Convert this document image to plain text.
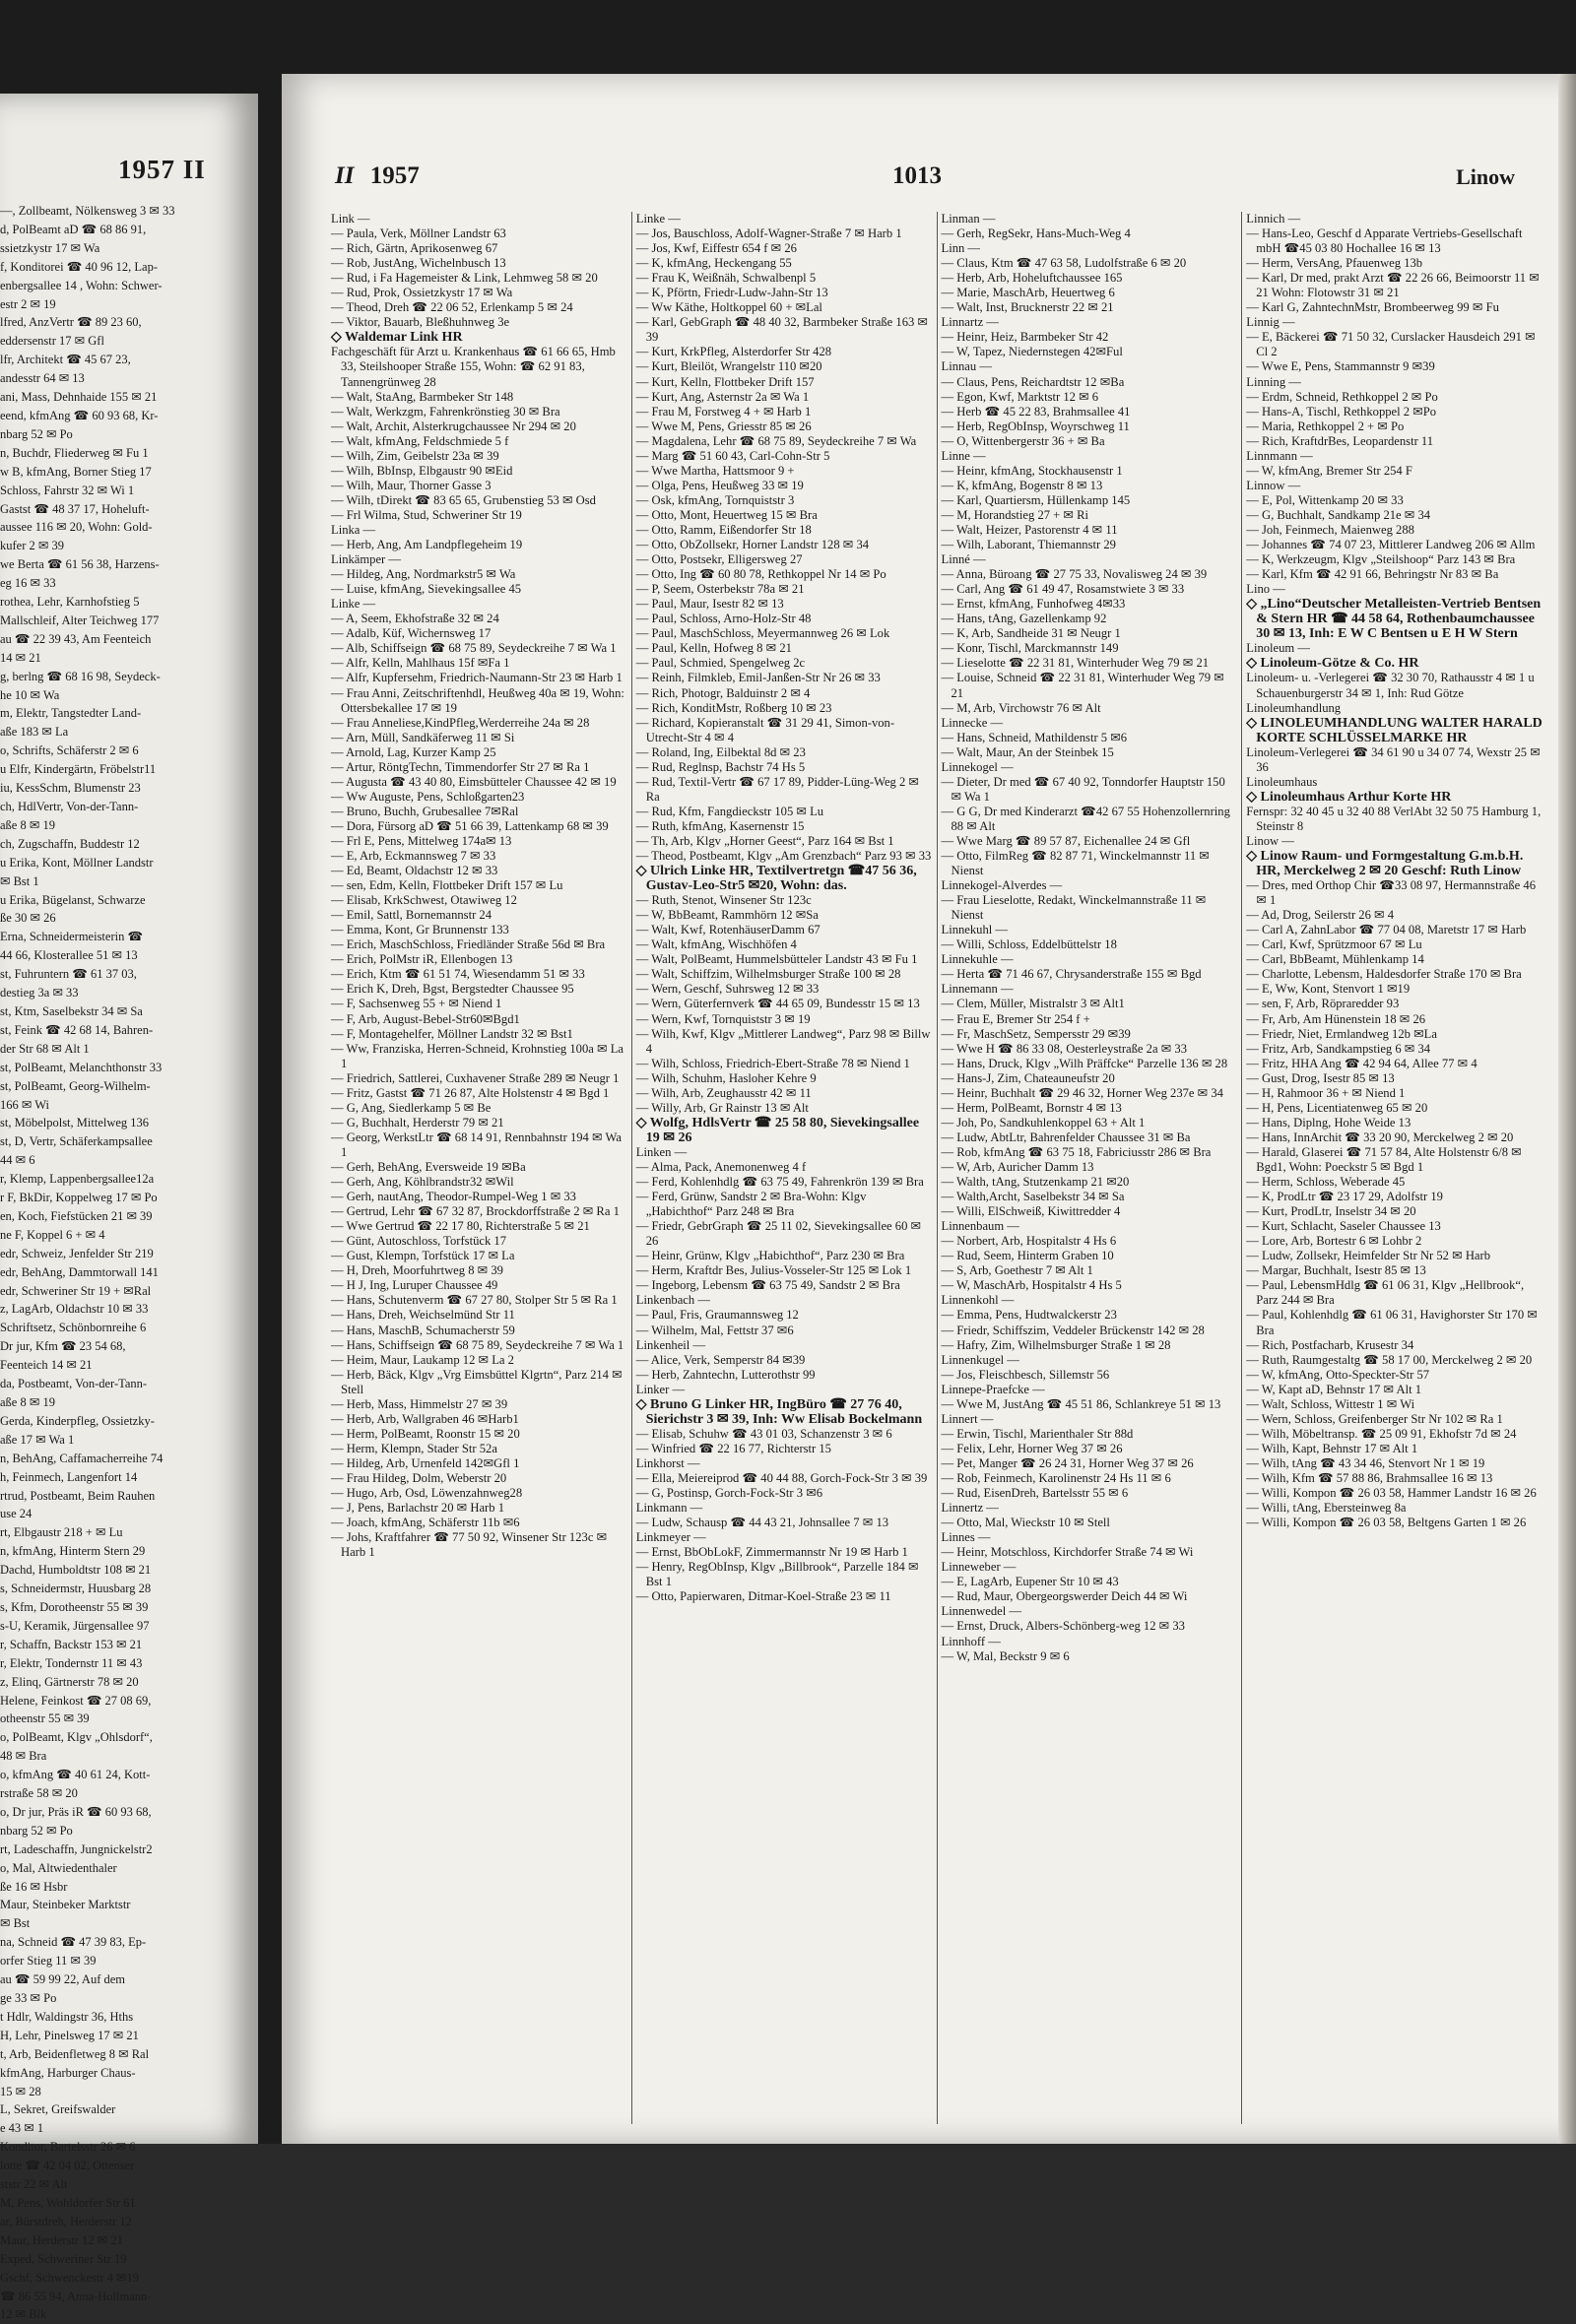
1957 II
—, Zollbeamt, Nölkensweg 3 ✉ 33
d, PolBeamt aD ☎ 68 86 91,
ssietzkystr 17 ✉ Wa
f, Konditorei ☎ 40 96 12, Lap-
enbergsallee 14 , Wohn: Schwer-
estr 2 ✉ 19
lfred, AnzVertr ☎ 89 23 60,
eddersenstr 17 ✉ Gfl
lfr, Architekt ☎ 45 67 23,
andesstr 64 ✉ 13
ani, Mass, Dehnhaide 155 ✉ 21
eend, kfmAng ☎ 60 93 68, Kr-
nbarg 52 ✉ Po
n, Buchdr, Fliederweg ✉ Fu 1
w B, kfmAng, Borner Stieg 17
Schloss, Fahrstr 32 ✉ Wi 1
Gastst ☎ 48 37 17, Hoheluft-
aussee 116 ✉ 20, Wohn: Gold-
kufer 2 ✉ 39
we Berta ☎ 61 56 38, Harzens-
eg 16 ✉ 33
rothea, Lehr, Karnhofstieg 5
Mallschleif, Alter Teichweg 177
au ☎ 22 39 43, Am Feenteich
14 ✉ 21
g, berlng ☎ 68 16 98, Seydeck-
he 10 ✉ Wa
m, Elektr, Tangstedter Land-
aße 183 ✉ La
o, Schrifts, Schäferstr 2 ✉ 6
u Elfr, Kindergärtn, Fröbelstr11
iu, KessSchm, Blumenstr 23
ch, HdlVertr, Von-der-Tann-
aße 8 ✉ 19
ch, Zugschaffn, Buddestr 12
u Erika, Kont, Möllner Landstr
✉ Bst 1
u Erika, Bügelanst, Schwarze
ße 30 ✉ 26
Erna, Schneidermeisterin ☎
44 66, Klosterallee 51 ✉ 13
st, Fuhruntern ☎ 61 37 03,
destieg 3a ✉ 33
st, Ktm, Saselbekstr 34 ✉ Sa
st, Feink ☎ 42 68 14, Bahren-
der Str 68 ✉ Alt 1
st, PolBeamt, Melanchthonstr 33
st, PolBeamt, Georg-Wilhelm-
166 ✉ Wi
st, Möbelpolst, Mittelweg 136
st, D, Vertr, Schäferkampsallee
44 ✉ 6
r, Klemp, Lappenbergsallee12a
r F, BkDir, Koppelweg 17 ✉ Po
en, Koch, Fiefstücken 21 ✉ 39
ne F, Koppel 6 + ✉ 4
edr, Schweiz, Jenfelder Str 219
edr, BehAng, Dammtorwall 141
edr, Schweriner Str 19 + ✉Ral
z, LagArb, Oldachstr 10 ✉ 33
Schriftsetz, Schönbornreihe 6
Dr jur, Kfm ☎ 23 54 68,
Feenteich 14 ✉ 21
da, Postbeamt, Von-der-Tann-
aße 8 ✉ 19
Gerda, Kinderpfleg, Ossietzky-
aße 17 ✉ Wa 1
n, BehAng, Caffamacherreihe 74
h, Feinmech, Langenfort 14
rtrud, Postbeamt, Beim Rauhen
use 24
rt, Elbgaustr 218 + ✉ Lu
n, kfmAng, Hinterm Stern 29
Dachd, Humboldtstr 108 ✉ 21
s, Schneidermstr, Huusbarg 28
s, Kfm, Dorotheenstr 55 ✉ 39
s-U, Keramik, Jürgensallee 97
r, Schaffn, Backstr 153 ✉ 21
r, Elektr, Tondernstr 11 ✉ 43
z, Elinq, Gärtnerstr 78 ✉ 20
Helene, Feinkost ☎ 27 08 69,
otheenstr 55 ✉ 39
o, PolBeamt, Klgv „Ohlsdorf“,
48 ✉ Bra
o, kfmAng ☎ 40 61 24, Kott-
rstraße 58 ✉ 20
o, Dr jur, Präs iR ☎ 60 93 68,
nbarg 52 ✉ Po
rt, Ladeschaffn, Jungnickelstr2
o, Mal, Altwiedenthaler
ße 16 ✉ Hsbr
Maur, Steinbeker Marktstr
✉ Bst
na, Schneid ☎ 47 39 83, Ep-
orfer Stieg 11 ✉ 39
au ☎ 59 99 22, Auf dem
ge 33 ✉ Po
t Hdlr, Waldingstr 36, Hths
H, Lehr, Pinelsweg 17 ✉ 21
t, Arb, Beidenfletweg 8 ✉ Ral
kfmAng, Harburger Chaus-
15 ✉ 28
L, Sekret, Greifswalder
e 43 ✉ 1
Konditor, Bartelsstr 26 ✉ 6
lotte ☎ 42 04 02, Ottenser
ststr 22 ✉ Alt
M, Pens, Wohldorfer Str 61
ar, Bürstdreh, Herderstr 12
Maur, Herderstr 12 ✉ 21
Exped, Schweriner Str 19
Gschf, Schwenckestr 4 ✉19
☎ 86 55 94, Anna-Hollmann-
12 ✉ Blk
II 1957	1013	Linow
Link —
— Paula, Verk, Möllner Landstr 63
— Rich, Gärtn, Aprikosenweg 67
— Rob, JustAng, Wichelnbusch 13
— Rud, i Fa Hagemeister & Link, Lehmweg 58 ✉ 20
— Rud, Prok, Ossietzkystr 17 ✉ Wa
— Theod, Dreh ☎ 22 06 52, Erlenkamp 5 ✉ 24
— Viktor, Bauarb, Bleßhuhnweg 3e
◇ Waldemar Link HR
Fachgeschäft für Arzt u. Krankenhaus ☎ 61 66 65, Hmb 33, Steilshooper Straße 155, Wohn: ☎ 62 91 83, Tannengrünweg 28
— Walt, StaAng, Barmbeker Str 148
— Walt, Werkzgm, Fahrenkrönstieg 30 ✉ Bra
— Walt, Archit, Alsterkrugchaussee Nr 294 ✉ 20
— Walt, kfmAng, Feldschmiede 5 f
— Wilh, Zim, Geibelstr 23a ✉ 39
— Wilh, BbInsp, Elbgaustr 90 ✉Eid
— Wilh, Maur, Thorner Gasse 3
— Wilh, tDirekt ☎ 83 65 65, Grubenstieg 53 ✉ Osd
— Frl Wilma, Stud, Schweriner Str 19
Linka —
— Herb, Ang, Am Landpflegeheim 19
Linkämper —
— Hildeg, Ang, Nordmarkstr5 ✉ Wa
— Luise, kfmAng, Sievekingsallee 45
Linke —
— A, Seem, Ekhofstraße 32 ✉ 24
— Adalb, Küf, Wichernsweg 17
— Alb, Schiffseign ☎ 68 75 89, Seydeckreihe 7 ✉ Wa 1
— Alfr, Kelln, Mahlhaus 15f ✉Fa 1
— Alfr, Kupfersehm, Friedrich-Naumann-Str 23 ✉ Harb 1
— Frau Anni, Zeitschriftenhdl, Heußweg 40a ✉ 19, Wohn: Ottersbekallee 17 ✉ 19
— Frau Anneliese,KindPfleg,Werderreihe 24a ✉ 28
— Arn, Müll, Sandkäferweg 11 ✉ Si
— Arnold, Lag, Kurzer Kamp 25
— Artur, RöntgTechn, Timmendorfer Str 27 ✉ Ra 1
— Augusta ☎ 43 40 80, Eimsbütteler Chaussee 42 ✉ 19
— Ww Auguste, Pens, Schloßgarten23
— Bruno, Buchh, Grubesallee 7✉Ral
— Dora, Fürsorg aD ☎ 51 66 39, Lattenkamp 68 ✉ 39
— Frl E, Pens, Mittelweg 174a✉ 13
— E, Arb, Eckmannsweg 7 ✉ 33
— Ed, Beamt, Oldachstr 12 ✉ 33
— sen, Edm, Kelln, Flottbeker Drift 157 ✉ Lu
— Elisab, KrkSchwest, Otawiweg 12
— Emil, Sattl, Bornemannstr 24
— Emma, Kont, Gr Brunnenstr 133
— Erich, MaschSchloss, Friedländer Straße 56d ✉ Bra
— Erich, PolMstr iR, Ellenbogen 13
— Erich, Ktm ☎ 61 51 74, Wiesendamm 51 ✉ 33
— Erich K, Dreh, Bgst, Bergstedter Chaussee 95
— F, Sachsenweg 55 + ✉ Niend 1
— F, Arb, August-Bebel-Str60✉Bgd1
— F, Montagehelfer, Möllner Landstr 32 ✉ Bst1
— Ww, Franziska, Herren-Schneid, Krohnstieg 100a ✉ La 1
— Friedrich, Sattlerei, Cuxhavener Straße 289 ✉ Neugr 1
— Fritz, Gastst ☎ 71 26 87, Alte Holstenstr 4 ✉ Bgd 1
— G, Ang, Siedlerkamp 5 ✉ Be
— G, Buchhalt, Herderstr 79 ✉ 21
— Georg, WerkstLtr ☎ 68 14 91, Rennbahnstr 194 ✉ Wa 1
— Gerh, BehAng, Eversweide 19 ✉Ba
— Gerh, Ang, Köhlbrandstr32 ✉Wil
— Gerh, nautAng, Theodor-Rumpel-Weg 1 ✉ 33
— Gertrud, Lehr ☎ 67 32 87, Brockdorffstraße 2 ✉ Ra 1
— Wwe Gertrud ☎ 22 17 80, Richterstraße 5 ✉ 21
— Günt, Autoschloss, Torfstück 17
— Gust, Klempn, Torfstück 17 ✉ La
— H, Dreh, Moorfuhrtweg 8 ✉ 39
— H J, Ing, Luruper Chaussee 49
— Hans, Schutenverm ☎ 67 27 80, Stolper Str 5 ✉ Ra 1
— Hans, Dreh, Weichselmünd Str 11
— Hans, MaschB, Schumacherstr 59
— Hans, Schiffseign ☎ 68 75 89, Seydeckreihe 7 ✉ Wa 1
— Heim, Maur, Laukamp 12 ✉ La 2
— Herb, Bäck, Klgv „Vrg Eimsbüttel Klgrtn“, Parz 214 ✉ Stell
— Herb, Mass, Himmelstr 27 ✉ 39
— Herb, Arb, Wallgraben 46 ✉Harb1
— Herm, PolBeamt, Roonstr 15 ✉ 20
— Herm, Klempn, Stader Str 52a
— Hildeg, Arb, Urnenfeld 142✉Gfl 1
— Frau Hildeg, Dolm, Weberstr 20
— Hugo, Arb, Osd, Löwenzahnweg28
— J, Pens, Barlachstr 20 ✉ Harb 1
— Joach, kfmAng, Schäferstr 11b ✉6
— Johs, Kraftfahrer ☎ 77 50 92, Winsener Str 123c ✉ Harb 1
Linke —
— Jos, Bauschloss, Adolf-Wagner-Straße 7 ✉ Harb 1
— Jos, Kwf, Eiffestr 654 f ✉ 26
— K, kfmAng, Heckengang 55
— Frau K, Weißnäh, Schwalbenpl 5
— K, Pförtn, Friedr-Ludw-Jahn-Str 13
— Ww Käthe, Holtkoppel 60 + ✉Lal
— Karl, GebGraph ☎ 48 40 32, Barmbeker Straße 163 ✉ 39
— Kurt, KrkPfleg, Alsterdorfer Str 428
— Kurt, Bleilöt, Wrangelstr 110 ✉20
— Kurt, Kelln, Flottbeker Drift 157
— Kurt, Ang, Asternstr 2a ✉ Wa 1
— Frau M, Forstweg 4 + ✉ Harb 1
— Wwe M, Pens, Griesstr 85 ✉ 26
— Magdalena, Lehr ☎ 68 75 89, Seydeckreihe 7 ✉ Wa
— Marg ☎ 51 60 43, Carl-Cohn-Str 5
— Wwe Martha, Hattsmoor 9 +
— Olga, Pens, Heußweg 33 ✉ 19
— Osk, kfmAng, Tornquiststr 3
— Otto, Mont, Heuertweg 15 ✉ Bra
— Otto, Ramm, Eißendorfer Str 18
— Otto, ObZollsekr, Horner Landstr 128 ✉ 34
— Otto, Postsekr, Elligersweg 27
— Otto, Ing ☎ 60 80 78, Rethkoppel Nr 14 ✉ Po
— P, Seem, Osterbekstr 78a ✉ 21
— Paul, Maur, Isestr 82 ✉ 13
— Paul, Schloss, Arno-Holz-Str 48
— Paul, MaschSchloss, Meyermannweg 26 ✉ Lok
— Paul, Kelln, Hofweg 8 ✉ 21
— Paul, Schmied, Spengelweg 2c
— Reinh, Filmkleb, Emil-Janßen-Str Nr 26 ✉ 33
— Rich, Photogr, Balduinstr 2 ✉ 4
— Rich, KonditMstr, Roßberg 10 ✉ 23
— Richard, Kopieranstalt ☎ 31 29 41, Simon-von-Utrecht-Str 4 ✉ 4
— Roland, Ing, Eilbektal 8d ✉ 23
— Rud, Reglnsp, Bachstr 74 Hs 5
— Rud, Textil-Vertr ☎ 67 17 89, Pidder-Lüng-Weg 2 ✉ Ra
— Rud, Kfm, Fangdieckstr 105 ✉ Lu
— Ruth, kfmAng, Kasernenstr 15
— Th, Arb, Klgv „Horner Geest“, Parz 164 ✉ Bst 1
— Theod, Postbeamt, Klgv „Am Grenzbach“ Parz 93 ✉ 33
◇ Ulrich Linke HR, Textilvertretgn ☎47 56 36, Gustav-Leo-Str5 ✉20, Wohn: das.
— Ruth, Stenot, Winsener Str 123c
— W, BbBeamt, Rammhörn 12 ✉Sa
— Walt, Kwf, RotenhäuserDamm 67
— Walt, kfmAng, Wischhöfen 4
— Walt, PolBeamt, Hummelsbütteler Landstr 43 ✉ Fu 1
— Walt, Schiffzim, Wilhelmsburger Straße 100 ✉ 28
— Wern, Geschf, Suhrsweg 12 ✉ 33
— Wern, Güterfernverk ☎ 44 65 09, Bundesstr 15 ✉ 13
— Wern, Kwf, Tornquiststr 3 ✉ 19
— Wilh, Kwf, Klgv „Mittlerer Landweg“, Parz 98 ✉ Billw 4
— Wilh, Schloss, Friedrich-Ebert-Straße 78 ✉ Niend 1
— Wilh, Schuhm, Hasloher Kehre 9
— Wilh, Arb, Zeughausstr 42 ✉ 11
— Willy, Arb, Gr Rainstr 13 ✉ Alt
◇ Wolfg, HdlsVertr ☎ 25 58 80, Sievekingsallee 19 ✉ 26
Linken —
— Alma, Pack, Anemonenweg 4 f
— Ferd, Kohlenhdlg ☎ 63 75 49, Fahrenkrön 139 ✉ Bra
— Ferd, Grünw, Sandstr 2 ✉ Bra-Wohn: Klgv „Habichthof“ Parz 248 ✉ Bra
— Friedr, GebrGraph ☎ 25 11 02, Sievekingsallee 60 ✉ 26
— Heinr, Grünw, Klgv „Habichthof“, Parz 230 ✉ Bra
— Herm, Kraftdr Bes, Julius-Vosseler-Str 125 ✉ Lok 1
— Ingeborg, Lebensm ☎ 63 75 49, Sandstr 2 ✉ Bra
Linkenbach —
— Paul, Fris, Graumannsweg 12
— Wilhelm, Mal, Fettstr 37 ✉6
Linkenheil —
— Alice, Verk, Semperstr 84 ✉39
— Herb, Zahntechn, Lutterothstr 99
Linker —
◇ Bruno G Linker HR, IngBüro ☎ 27 76 40, Sierichstr 3 ✉ 39, Inh: Ww Elisab Bockelmann
— Elisab, Schuhw ☎ 43 01 03, Schanzenstr 3 ✉ 6
— Winfried ☎ 22 16 77, Richterstr 15
Linkhorst —
— Ella, Meiereiprod ☎ 40 44 88, Gorch-Fock-Str 3 ✉ 39
— G, Postinsp, Gorch-Fock-Str 3 ✉6
Linkmann —
— Ludw, Schausp ☎ 44 43 21, Johnsallee 7 ✉ 13
Linkmeyer —
— Ernst, BbObLokF, Zimmermannstr Nr 19 ✉ Harb 1
— Henry, RegObInsp, Klgv „Billbrook“, Parzelle 184 ✉ Bst 1
— Otto, Papierwaren, Ditmar-Koel-Straße 23 ✉ 11
Linman —
— Gerh, RegSekr, Hans-Much-Weg 4
Linn —
— Claus, Ktm ☎ 47 63 58, Ludolfstraße 6 ✉ 20
— Herb, Arb, Hoheluftchaussee 165
— Marie, MaschArb, Heuertweg 6
— Walt, Inst, Brucknerstr 22 ✉ 21
Linnartz —
— Heinr, Heiz, Barmbeker Str 42
— W, Tapez, Niedernstegen 42✉Ful
Linnau —
— Claus, Pens, Reichardtstr 12 ✉Ba
— Egon, Kwf, Marktstr 12 ✉ 6
— Herb ☎ 45 22 83, Brahmsallee 41
— Herb, RegObInsp, Woyrschweg 11
— O, Wittenbergerstr 36 + ✉ Ba
Linne —
— Heinr, kfmAng, Stockhausenstr 1
— K, kfmAng, Bogenstr 8 ✉ 13
— Karl, Quartiersm, Hüllenkamp 145
— M, Horandstieg 27 + ✉ Ri
— Walt, Heizer, Pastorenstr 4 ✉ 11
— Wilh, Laborant, Thiemannstr 29
Linné —
— Anna, Büroang ☎ 27 75 33, Novalisweg 24 ✉ 39
— Carl, Ang ☎ 61 49 47, Rosamstwiete 3 ✉ 33
— Ernst, kfmAng, Funhofweg 4✉33
— Hans, tAng, Gazellenkamp 92
— K, Arb, Sandheide 31 ✉ Neugr 1
— Konr, Tischl, Marckmannstr 149
— Lieselotte ☎ 22 31 81, Winterhuder Weg 79 ✉ 21
— Louise, Schneid ☎ 22 31 81, Winterhuder Weg 79 ✉ 21
— M, Arb, Virchowstr 76 ✉ Alt
Linnecke —
— Hans, Schneid, Mathildenstr 5 ✉6
— Walt, Maur, An der Steinbek 15
Linnekogel —
— Dieter, Dr med ☎ 67 40 92, Tonndorfer Hauptstr 150 ✉ Wa 1
— G G, Dr med Kinderarzt ☎42 67 55 Hohenzollernring 88 ✉ Alt
— Wwe Marg ☎ 89 57 87, Eichenallee 24 ✉ Gfl
— Otto, FilmReg ☎ 82 87 71, Winckelmannstr 11 ✉ Nienst
Linnekogel-Alverdes —
— Frau Lieselotte, Redakt, Winckelmannstraße 11 ✉ Nienst
Linnekuhl —
— Willi, Schloss, Eddelbüttelstr 18
Linnekuhle —
— Herta ☎ 71 46 67, Chrysanderstraße 155 ✉ Bgd
Linnemann —
— Clem, Müller, Mistralstr 3 ✉ Alt1
— Frau E, Bremer Str 254 f +
— Fr, MaschSetz, Sempersstr 29 ✉39
— Wwe H ☎ 86 33 08, Oesterleystraße 2a ✉ 33
— Hans, Druck, Klgv „Wilh Präffcke“ Parzelle 136 ✉ 28
— Hans-J, Zim, Chateauneufstr 20
— Heinr, Buchhalt ☎ 29 46 32, Horner Weg 237e ✉ 34
— Herm, PolBeamt, Bornstr 4 ✉ 13
— Joh, Po, Sandkuhlenkoppel 63 + Alt 1
— Ludw, AbtLtr, Bahrenfelder Chaussee 31 ✉ Ba
— Rob, kfmAng ☎ 63 75 18, Fabriciusstr 286 ✉ Bra
— W, Arb, Auricher Damm 13
— Walth, tAng, Stutzenkamp 21 ✉20
— Walth,Archt, Saselbekstr 34 ✉ Sa
— Willi, ElSchweiß, Kiwittredder 4
Linnenbaum —
— Norbert, Arb, Hospitalstr 4 Hs 6
— Rud, Seem, Hinterm Graben 10
— S, Arb, Goethestr 7 ✉ Alt 1
— W, MaschArb, Hospitalstr 4 Hs 5
Linnenkohl —
— Emma, Pens, Hudtwalckerstr 23
— Friedr, Schiffszim, Veddeler Brückenstr 142 ✉ 28
— Hafry, Zim, Wilhelmsburger Straße 1 ✉ 28
Linnenkugel —
— Jos, Fleischbesch, Sillemstr 56
Linnepe-Praefcke —
— Wwe M, JustAng ☎ 45 51 86, Schlankreye 51 ✉ 13
Linnert —
— Erwin, Tischl, Marienthaler Str 88d
— Felix, Lehr, Horner Weg 37 ✉ 26
— Pet, Manger ☎ 26 24 31, Horner Weg 37 ✉ 26
— Rob, Feinmech, Karolinenstr 24 Hs 11 ✉ 6
— Rud, EisenDreh, Bartelsstr 55 ✉ 6
Linnertz —
— Otto, Mal, Wieckstr 10 ✉ Stell
Linnes —
— Heinr, Motschloss, Kirchdorfer Straße 74 ✉ Wi
Linneweber —
— E, LagArb, Eupener Str 10 ✉ 43
— Rud, Maur, Obergeorgswerder Deich 44 ✉ Wi
Linnenwedel —
— Ernst, Druck, Albers-Schönberg-weg 12 ✉ 33
Linnhoff —
— W, Mal, Beckstr 9 ✉ 6
Linnich —
— Hans-Leo, Geschf d Apparate Vertriebs-Gesellschaft mbH ☎45 03 80 Hochallee 16 ✉ 13
— Herm, VersAng, Pfauenweg 13b
— Karl, Dr med, prakt Arzt ☎ 22 26 66, Beimoorstr 11 ✉ 21 Wohn: Flotowstr 31 ✉ 21
— Karl G, ZahntechnMstr, Brombeerweg 99 ✉ Fu
Linnig —
— E, Bäckerei ☎ 71 50 32, Curslacker Hausdeich 291 ✉ Cl 2
— Wwe E, Pens, Stammannstr 9 ✉39
Linning —
— Erdm, Schneid, Rethkoppel 2 ✉ Po
— Hans-A, Tischl, Rethkoppel 2 ✉Po
— Maria, Rethkoppel 2 + ✉ Po
— Rich, KraftdrBes, Leopardenstr 11
Linnmann —
— W, kfmAng, Bremer Str 254 F
Linnow —
— E, Pol, Wittenkamp 20 ✉ 33
— G, Buchhalt, Sandkamp 21e ✉ 34
— Joh, Feinmech, Maienweg 288
— Johannes ☎ 74 07 23, Mittlerer Landweg 206 ✉ Allm
— K, Werkzeugm, Klgv „Steilshoop“ Parz 143 ✉ Bra
— Karl, Kfm ☎ 42 91 66, Behringstr Nr 83 ✉ Ba
Lino —
◇ „Lino“Deutscher Metalleisten-Vertrieb Bentsen & Stern HR ☎ 44 58 64, Rothenbaumchaussee 30 ✉ 13, Inh: E W C Bentsen u E H W Stern
Linoleum —
◇ Linoleum-Götze & Co. HR
Linoleum- u. -Verlegerei ☎ 32 30 70, Rathausstr 4 ✉ 1 u Schauenburgerstr 34 ✉ 1, Inh: Rud Götze
Linoleumhandlung
◇ LINOLEUMHANDLUNG WALTER HARALD KORTE SCHLÜSSELMARKE HR
Linoleum-Verlegerei ☎ 34 61 90 u 34 07 74, Wexstr 25 ✉ 36
Linoleumhaus
◇ Linoleumhaus Arthur Korte HR
Fernspr: 32 40 45 u 32 40 88 VerlAbt 32 50 75 Hamburg 1, Steinstr 8
Linow —
◇ Linow Raum- und Formgestaltung G.m.b.H. HR, Merckelweg 2 ✉ 20 Geschf: Ruth Linow
— Dres, med Orthop Chir ☎33 08 97, Hermannstraße 46 ✉ 1
— Ad, Drog, Seilerstr 26 ✉ 4
— Carl A, ZahnLabor ☎ 77 04 08, Maretstr 17 ✉ Harb
— Carl, Kwf, Sprützmoor 67 ✉ Lu
— Carl, BbBeamt, Mühlenkamp 14
— Charlotte, Lebensm, Haldesdorfer Straße 170 ✉ Bra
— E, Ww, Kont, Stenvort 1 ✉19
— sen, F, Arb, Röpraredder 93
— Fr, Arb, Am Hünenstein 18 ✉ 26
— Friedr, Niet, Ermlandweg 12b ✉La
— Fritz, Arb, Sandkampstieg 6 ✉ 34
— Fritz, HHA Ang ☎ 42 94 64, Allee 77 ✉ 4
— Gust, Drog, Isestr 85 ✉ 13
— H, Rahmoor 36 + ✉ Niend 1
— H, Pens, Licentiatenweg 65 ✉ 20
— Hans, Diplng, Hohe Weide 13
— Hans, InnArchit ☎ 33 20 90, Merckelweg 2 ✉ 20
— Harald, Glaserei ☎ 71 57 84, Alte Holstenstr 6/8 ✉ Bgd1, Wohn: Poeckstr 5 ✉ Bgd 1
— Herm, Schloss, Weberade 45
— K, ProdLtr ☎ 23 17 29, Adolfstr 19
— Kurt, ProdLtr, Inselstr 34 ✉ 20
— Kurt, Schlacht, Saseler Chaussee 13
— Lore, Arb, Bortestr 6 ✉ Lohbr 2
— Ludw, Zollsekr, Heimfelder Str Nr 52 ✉ Harb
— Margar, Buchhalt, Isestr 85 ✉ 13
— Paul, LebensmHdlg ☎ 61 06 31, Klgv „Hellbrook“, Parz 244 ✉ Bra
— Paul, Kohlenhdlg ☎ 61 06 31, Havighorster Str 170 ✉ Bra
— Rich, Postfacharb, Krusestr 34
— Ruth, Raumgestaltg ☎ 58 17 00, Merckelweg 2 ✉ 20
— W, kfmAng, Otto-Speckter-Str 57
— W, Kapt aD, Behnstr 17 ✉ Alt 1
— Walt, Schloss, Wittestr 1 ✉ Wi
— Wern, Schloss, Greifenberger Str Nr 102 ✉ Ra 1
— Wilh, Möbeltransp. ☎ 25 09 91, Ekhofstr 7d ✉ 24
— Wilh, Kapt, Behnstr 17 ✉ Alt 1
— Wilh, tAng ☎ 43 34 46, Stenvort Nr 1 ✉ 19
— Wilh, Kfm ☎ 57 88 86, Brahmsallee 16 ✉ 13
— Willi, Kompon ☎ 26 03 58, Hammer Landstr 16 ✉ 26
— Willi, tAng, Ebersteinweg 8a
— Willi, Kompon ☎ 26 03 58, Beltgens Garten 1 ✉ 26
